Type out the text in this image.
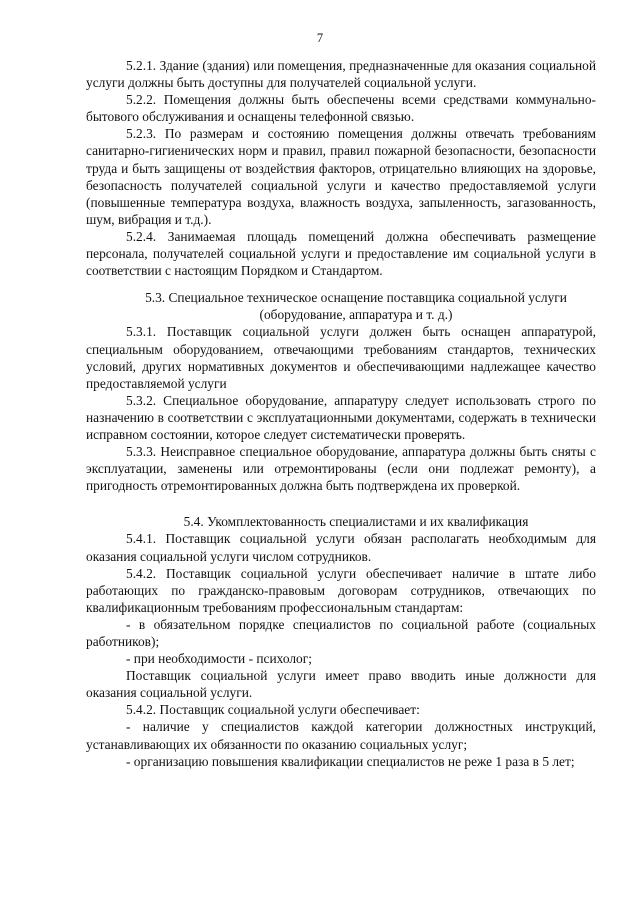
7

5.2.1. Здание (здания) или помещения, предназначенные для оказания социальной услуги должны быть доступны для получателей социальной услуги.

5.2.2. Помещения должны быть обеспечены всеми средствами коммунально-бытового обслуживания и оснащены телефонной связью.

5.2.3. По размерам и состоянию помещения должны отвечать требованиям санитарно-гигиенических норм и правил, правил пожарной безопасности, безопасности труда и быть защищены от воздействия факторов, отрицательно влияющих на здоровье, безопасность получателей социальной услуги и качество предоставляемой услуги (повышенные температура воздуха, влажность воздуха, запыленность, загазованность, шум, вибрация и т.д.).

5.2.4. Занимаемая площадь помещений должна обеспечивать размещение персонала, получателей социальной услуги и предоставление им социальной услуги в соответствии с настоящим Порядком и Стандартом.

5.3. Специальное техническое оснащение поставщика социальной услуги (оборудование, аппаратура и т. д.)

5.3.1. Поставщик социальной услуги должен быть оснащен аппаратурой, специальным оборудованием, отвечающими требованиям стандартов, технических условий, других нормативных документов и обеспечивающими надлежащее качество предоставляемой услуги

5.3.2. Специальное оборудование, аппаратуру следует использовать строго по назначению в соответствии с эксплуатационными документами, содержать в технически исправном состоянии, которое следует систематически проверять.

5.3.3. Неисправное специальное оборудование, аппаратура должны быть сняты с эксплуатации, заменены или отремонтированы (если они подлежат ремонту), а пригодность отремонтированных должна быть подтверждена их проверкой.

5.4. Укомплектованность специалистами и их квалификация

5.4.1. Поставщик социальной услуги обязан располагать необходимым для оказания социальной услуги числом сотрудников.

5.4.2. Поставщик социальной услуги обеспечивает наличие в штате либо работающих по гражданско-правовым договорам сотрудников, отвечающих по квалификационным требованиям профессиональным стандартам:

- в обязательном порядке специалистов по социальной работе (социальных работников);

- при необходимости - психолог;

Поставщик социальной услуги имеет право вводить иные должности для оказания социальной услуги.

5.4.2. Поставщик социальной услуги обеспечивает:

- наличие у специалистов каждой категории должностных инструкций, устанавливающих их обязанности по оказанию социальных услуг;

- организацию повышения квалификации специалистов не реже 1 раза в 5 лет;
